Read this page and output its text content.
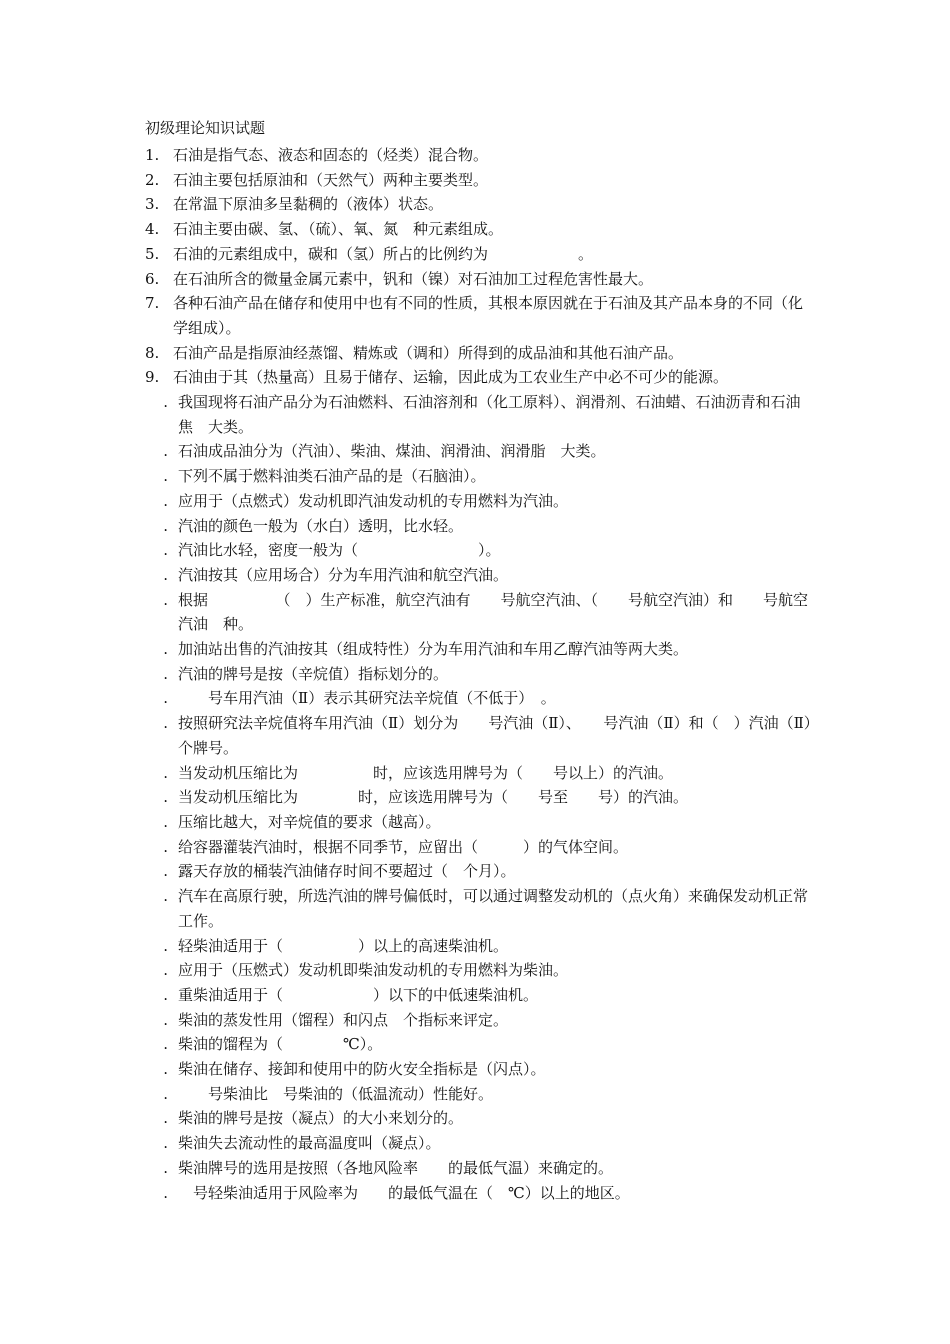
初级理论知识试题
1. 石油是指气态、液态和固态的（烃类）混合物。
2. 石油主要包括原油和（天然气）两种主要类型。
3. 在常温下原油多呈黏稠的（液体）状态。
4. 石油主要由碳、氢、（硫）、氧、氮　种元素组成。
5. 石油的元素组成中，碳和（氢）所占的比例约为　　　　　　。
6. 在石油所含的微量金属元素中，钒和（镍）对石油加工过程危害性最大。
7. 各种石油产品在储存和使用中也有不同的性质，其根本原因就在于石油及其产品本身的不同（化学组成）。
8. 石油产品是指原油经蒸馏、精炼或（调和）所得到的成品油和其他石油产品。
9. 石油由于其（热量高）且易于储存、运输，因此成为工农业生产中必不可少的能源。
. 我国现将石油产品分为石油燃料、石油溶剂和（化工原料）、润滑剂、石油蜡、石油沥青和石油焦　大类。
. 石油成品油分为（汽油）、柴油、煤油、润滑油、润滑脂　大类。
. 下列不属于燃料油类石油产品的是（石脑油）。
. 应用于（点燃式）发动机即汽油发动机的专用燃料为汽油。
. 汽油的颜色一般为（水白）透明，比水轻。
. 汽油比水轻，密度一般为（　　　　　　　　）。
. 汽油按其（应用场合）分为车用汽油和航空汽油。
. 根据　　　　　（　）生产标准，航空汽油有　　号航空汽油、（　　号航空汽油）和　　号航空汽油　种。
. 加油站出售的汽油按其（组成特性）分为车用汽油和车用乙醇汽油等两大类。
. 汽油的牌号是按（辛烷值）指标划分的。
. 　　号车用汽油（Ⅱ）表示其研究法辛烷值（不低于）　。
. 按照研究法辛烷值将车用汽油（Ⅱ）划分为　　号汽油（Ⅱ）、　　号汽油（Ⅱ）和（　）汽油（Ⅱ）　个牌号。
. 当发动机压缩比为　　　　　时，应该选用牌号为（　　号以上）的汽油。
. 当发动机压缩比为　　　　时，应该选用牌号为（　　号至　　号）的汽油。
. 压缩比越大，对辛烷值的要求（越高）。
. 给容器灌装汽油时，根据不同季节，应留出（　　　）的气体空间。
. 露天存放的桶装汽油储存时间不要超过（　个月）。
. 汽车在高原行驶，所选汽油的牌号偏低时，可以通过调整发动机的（点火角）来确保发动机正常工作。
. 轻柴油适用于（　　　　　）以上的高速柴油机。
. 应用于（压燃式）发动机即柴油发动机的专用燃料为柴油。
. 重柴油适用于（　　　　　　）以下的中低速柴油机。
. 柴油的蒸发性用（馏程）和闪点　个指标来评定。
. 柴油的馏程为（　　　　℃）。
. 柴油在储存、接卸和使用中的防火安全指标是（闪点）。
. 　　号柴油比　号柴油的（低温流动）性能好。
. 柴油的牌号是按（凝点）的大小来划分的。
. 柴油失去流动性的最高温度叫（凝点）。
. 柴油牌号的选用是按照（各地风险率　　的最低气温）来确定的。
. 　号轻柴油适用于风险率为　　的最低气温在（　℃）以上的地区。
